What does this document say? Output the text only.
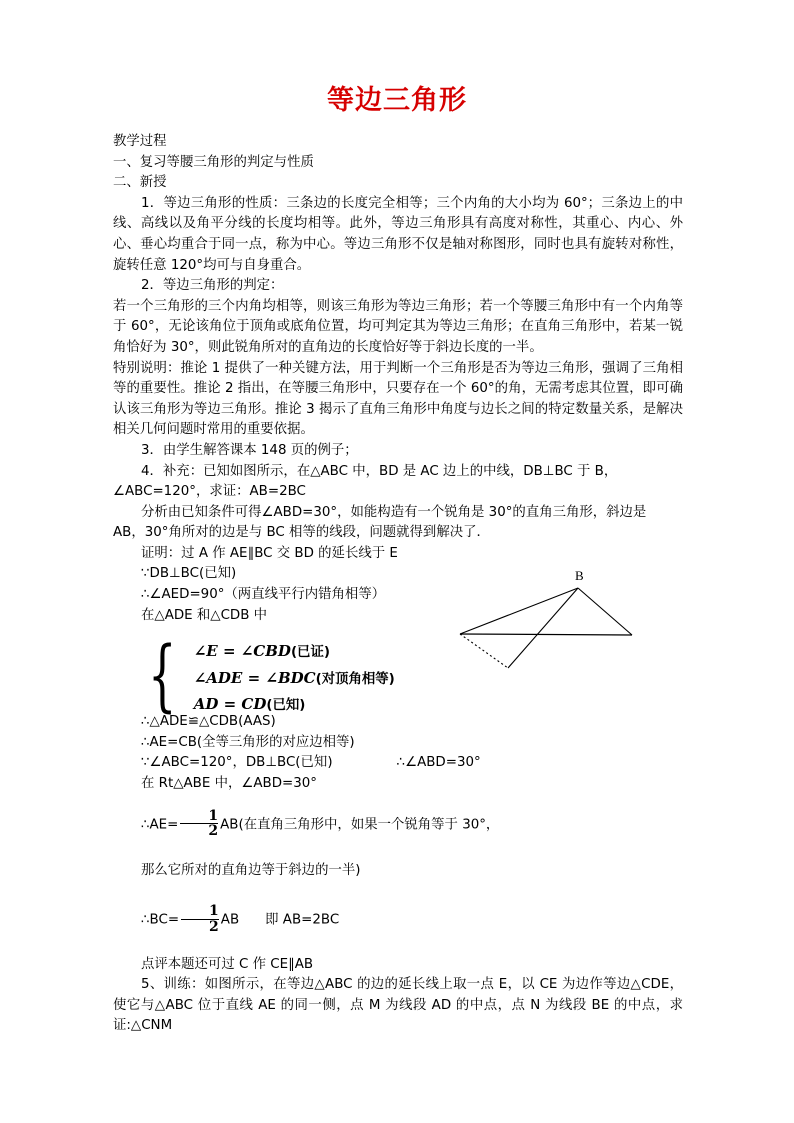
等边三角形
教学过程
一、复习等腰三角形的判定与性质
二、新授

1．等边三角形的性质：三条边的长度完全相等；三个内角的大小均为 60°；三条边上的中线、高线以及角平分线的长度均相等。此外，等边三角形具有高度对称性，其重心、内心、外心、垂心均重合于同一点，称为中心。等边三角形不仅是轴对称图形，同时也具有旋转对称性，旋转任意 120°均可与自身重合。

2．等边三角形的判定：

若一个三角形的三个内角均相等，则该三角形为等边三角形；若一个等腰三角形中有一个内角等于 60°，无论该角位于顶角或底角位置，均可判定其为等边三角形；在直角三角形中，若某一锐角恰好为 30°，则此锐角所对的直角边的长度恰好等于斜边长度的一半。

特别说明：推论 1 提供了一种关键方法，用于判断一个三角形是否为等边三角形，强调了三角相等的重要性。推论 2 指出，在等腰三角形中，只要存在一个 60°的角，无需考虑其位置，即可确认该三角形为等边三角形。推论 3 揭示了直角三角形中角度与边长之间的特定数量关系，是解决相关几何问题时常用的重要依据。

3．由学生解答课本 148 页的例子；
4．补充：已知如图所示，在△ABC 中，BD 是 AC 边上的中线，DB⊥BC 于 B，
∠ABC=120°，求证：AB=2BC
分析由已知条件可得∠ABD=30°，如能构造有一个锐角是 30°的直角三角形，斜边是
AB，30°角所对的边是与 BC 相等的线段，问题就得到解决了．
证明：过 A 作 AE∥BC 交 BD 的延长线于 E
∵DB⊥BC(已知)
∴∠AED=90°（两直线平行内错角相等）
在△ADE 和△CDB 中
∴△ADE≌△CDB(AAS)
∴AE=CB(全等三角形的对应边相等)
∵∠ABC=120°，DB⊥BC(已知)	∴∠ABD=30°
在 Rt△ABE 中，∠ABD=30°
∴AE= $\frac{1}{2} AB$(在直角三角形中，如果一个锐角等于 30°，
那么它所对的直角边等于斜边的一半)
∴BC= $\frac{1}{2}$ AB 即 AB=2BC
点评本题还可过 C 作 CE∥AB

5、训练：如图所示，在等边△ABC 的边的延长线上取一点 E，以 CE 为边作等边△CDE，使它与△ABC 位于直线 AE 的同一侧，点 M 为线段 AD 的中点，点 N 为线段 BE 的中点，求证:△CNM

{ ∠E = ∠CBD(已证)
∠ADE = ∠BDC(对顶角相等)
AD = CD(已知)
B
